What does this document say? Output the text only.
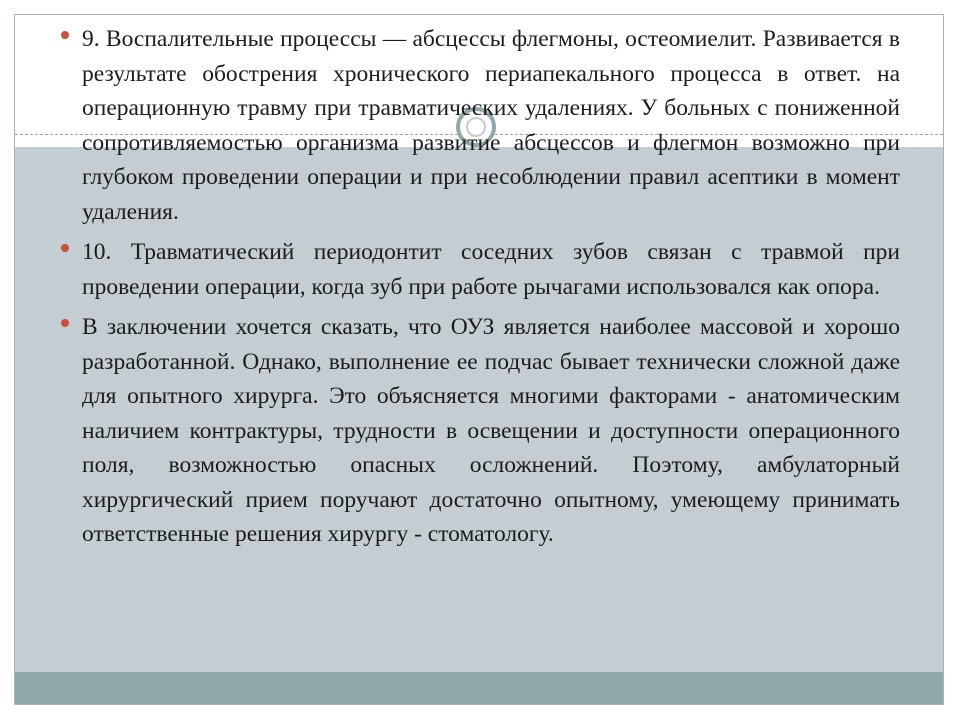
9. Воспалительные процессы — абсцессы флегмоны, остеомиелит. Развивается в результате обострения хронического периапекального процесса в ответ. на операционную травму при травматических удалениях. У больных с пониженной сопротивляемостью организма развитие абсцессов и флегмон возможно при глубоком проведении операции и при несоблюдении правил асептики в момент удаления.
10. Травматический периодонтит соседних зубов связан с травмой при проведении операции, когда зуб при работе рычагами использовался как опора.
В заключении хочется сказать, что ОУЗ является наиболее массовой и хорошо разработанной. Однако, выполнение ее подчас бывает технически сложной даже для опытного хирурга. Это объясняется многими факторами - анатомическим наличием контрактуры, трудности в освещении и доступности операционного поля, возможностью опасных осложнений. Поэтому, амбулаторный хирургический прием поручают достаточно опытному, умеющему принимать ответственные решения хирургу - стоматологу.
